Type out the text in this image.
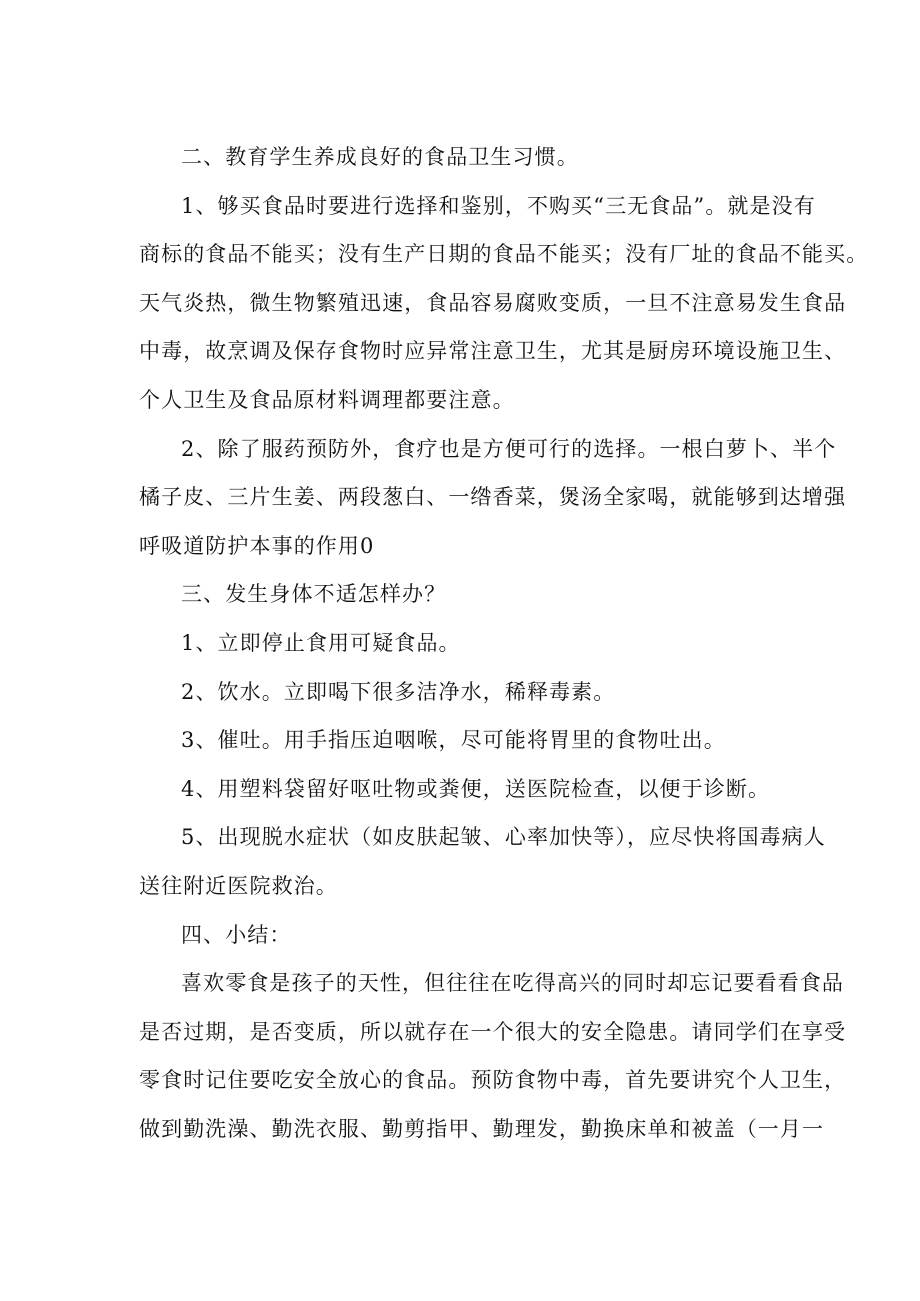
二、教育学生养成良好的食品卫生习惯。

1、够买食品时要进行选择和鉴别，不购买“三无食品”。就是没有
商标的食品不能买；没有生产日期的食品不能买；没有厂址的食品不能买。
天气炎热，微生物繁殖迅速，食品容易腐败变质，一旦不注意易发生食品
中毒，故烹调及保存食物时应异常注意卫生，尤其是厨房环境设施卫生、
个人卫生及食品原材料调理都要注意。

2、除了服药预防外，食疗也是方便可行的选择。一根白萝卜、半个
橘子皮、三片生姜、两段葱白、一绺香菜，煲汤全家喝，就能够到达增强
呼吸道防护本事的作用0

三、发生身体不适怎样办？

1、立即停止食用可疑食品。

2、饮水。立即喝下很多洁净水，稀释毒素。

3、催吐。用手指压迫咽喉，尽可能将胃里的食物吐出。

4、用塑料袋留好呕吐物或粪便，送医院检查，以便于诊断。

5、出现脱水症状（如皮肤起皱、心率加快等），应尽快将国毒病人
送往附近医院救治。

四、小结：

喜欢零食是孩子的天性，但往往在吃得高兴的同时却忘记要看看食品
是否过期，是否变质，所以就存在一个很大的安全隐患。请同学们在享受
零食时记住要吃安全放心的食品。预防食物中毒，首先要讲究个人卫生，
做到勤洗澡、勤洗衣服、勤剪指甲、勤理发，勤换床单和被盖（一月一
